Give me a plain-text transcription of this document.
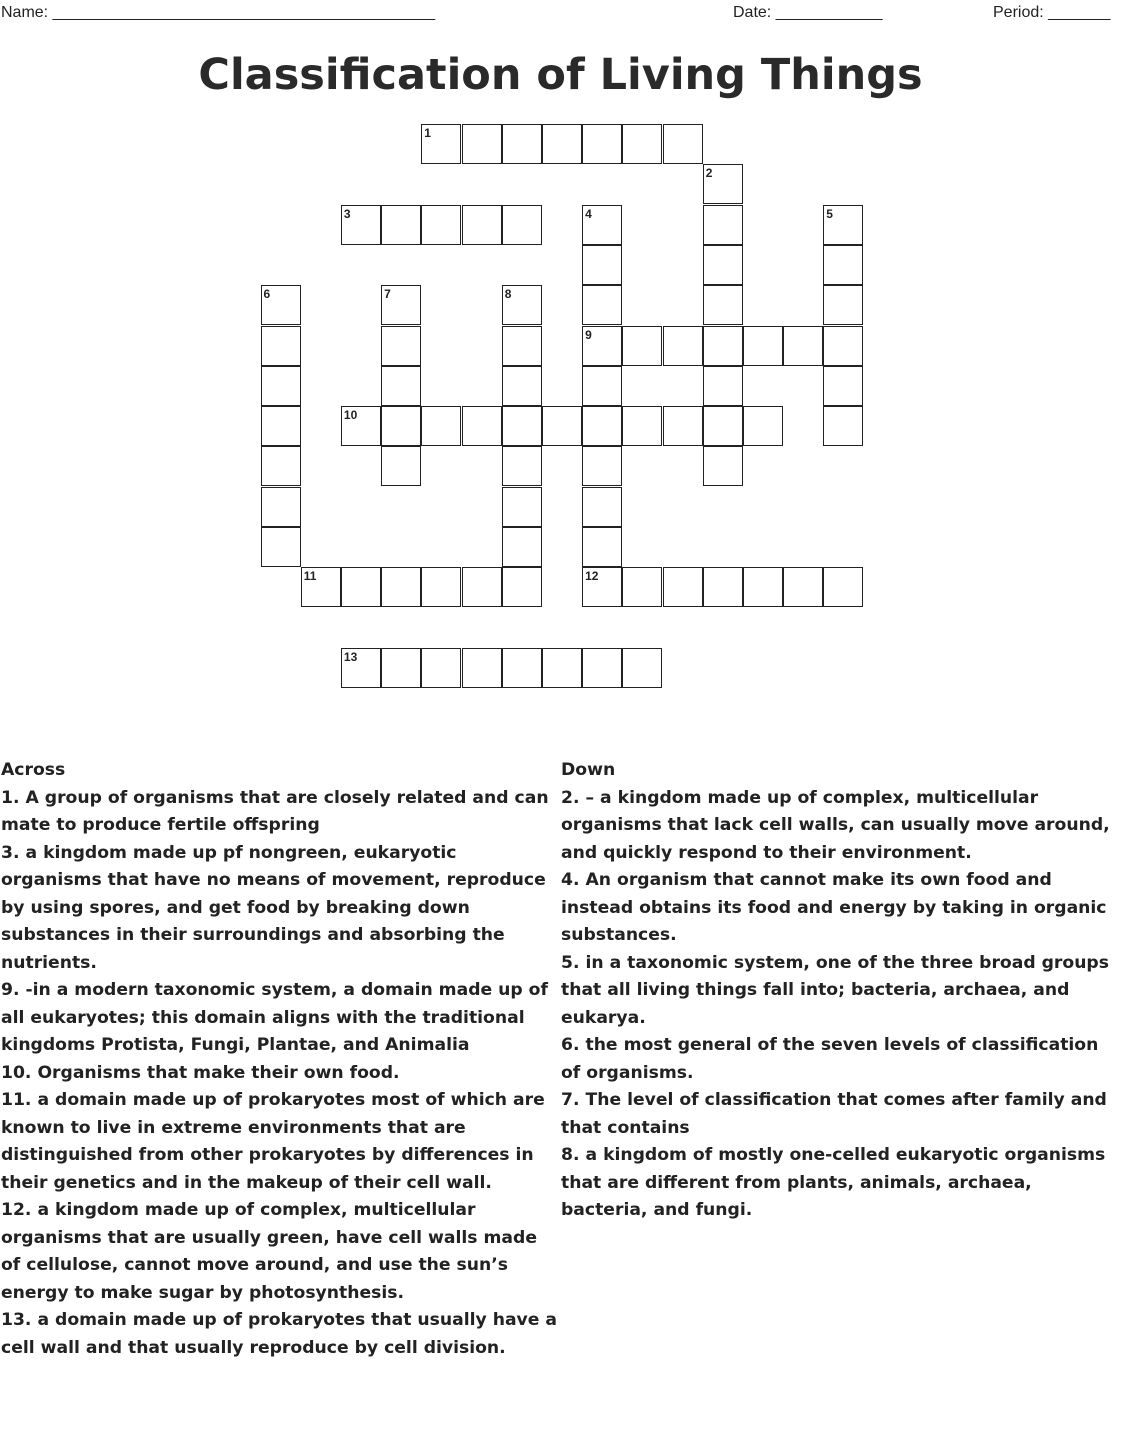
Name: ___________________________________________	Date: ____________	Period: _______
Classification of Living Things
1
2
3	4
9
5
6	7	8
10
11	12
13
Across
1. A group of organisms that are closely related and can mate to produce fertile offspring
3. a kingdom made up pf nongreen, eukaryotic organisms that have no means of movement, reproduce by using spores, and get food by breaking down substances in their surroundings and absorbing the nutrients.
9. -in a modern taxonomic system, a domain made up of all eukaryotes; this domain aligns with the traditional kingdoms Protista, Fungi, Plantae, and Animalia
10. Organisms that make their own food.
11. a domain made up of prokaryotes most of which are known to live in extreme environments that are distinguished from other prokaryotes by differences in their genetics and in the makeup of their cell wall.
12. a kingdom made up of complex, multicellular organisms that are usually green, have cell walls made of cellulose, cannot move around, and use the sun’s energy to make sugar by photosynthesis.
13. a domain made up of prokaryotes that usually have a cell wall and that usually reproduce by cell division.
Down
2. – a kingdom made up of complex, multicellular organisms that lack cell walls, can usually move around, and quickly respond to their environment.
4. An organism that cannot make its own food and instead obtains its food and energy by taking in organic substances.
5. in a taxonomic system, one of the three broad groups that all living things fall into; bacteria, archaea, and eukarya.
6. the most general of the seven levels of classification of organisms.
7. The level of classification that comes after family and that contains
8. a kingdom of mostly one-celled eukaryotic organisms that are different from plants, animals, archaea, bacteria, and fungi.
